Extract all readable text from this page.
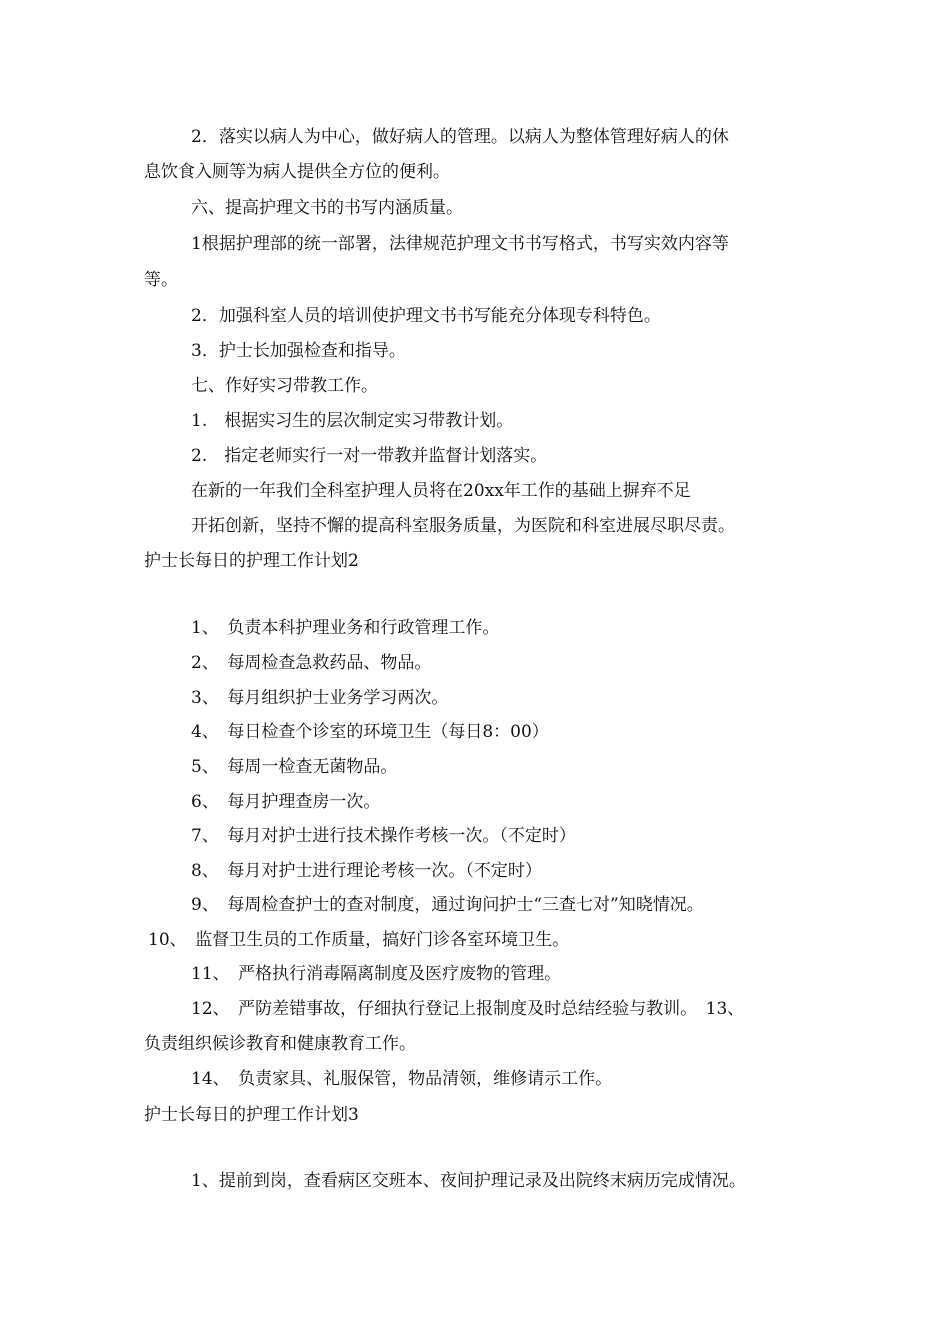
2．落实以病人为中心，做好病人的管理。以病人为整体管理好病人的休
息饮食入厕等为病人提供全方位的便利。
六、提高护理文书的书写内涵质量。
1根据护理部的统一部署，法律规范护理文书书写格式，书写实效内容等
等。
2．加强科室人员的培训使护理文书书写能充分体现专科特色。
3．护士长加强检查和指导。
七、作好实习带教工作。
1.　根据实习生的层次制定实习带教计划。
2.　指定老师实行一对一带教并监督计划落实。
在新的一年我们全科室护理人员将在20xx年工作的基础上摒弃不足
开拓创新，坚持不懈的提高科室服务质量，为医院和科室进展尽职尽责。
护士长每日的护理工作计划2
1、　负责本科护理业务和行政管理工作。
2、　每周检查急救药品、物品。
3、　每月组织护士业务学习两次。
4、　每日检查个诊室的环境卫生（每日8：00）
5、　每周一检查无菌物品。
6、　每月护理查房一次。
7、　每月对护士进行技术操作考核一次。（不定时）
8、　每月对护士进行理论考核一次。（不定时）
9、　每周检查护士的查对制度，通过询问护士“三查七对”知晓情况。
10、　监督卫生员的工作质量，搞好门诊各室环境卫生。
11、　严格执行消毒隔离制度及医疗废物的管理。
12、　严防差错事故，仔细执行登记上报制度及时总结经验与教训。　13、
负责组织候诊教育和健康教育工作。
14、　负责家具、礼服保管，物品清领，维修请示工作。
护士长每日的护理工作计划3
1、提前到岗，查看病区交班本、夜间护理记录及出院终末病历完成情况。
